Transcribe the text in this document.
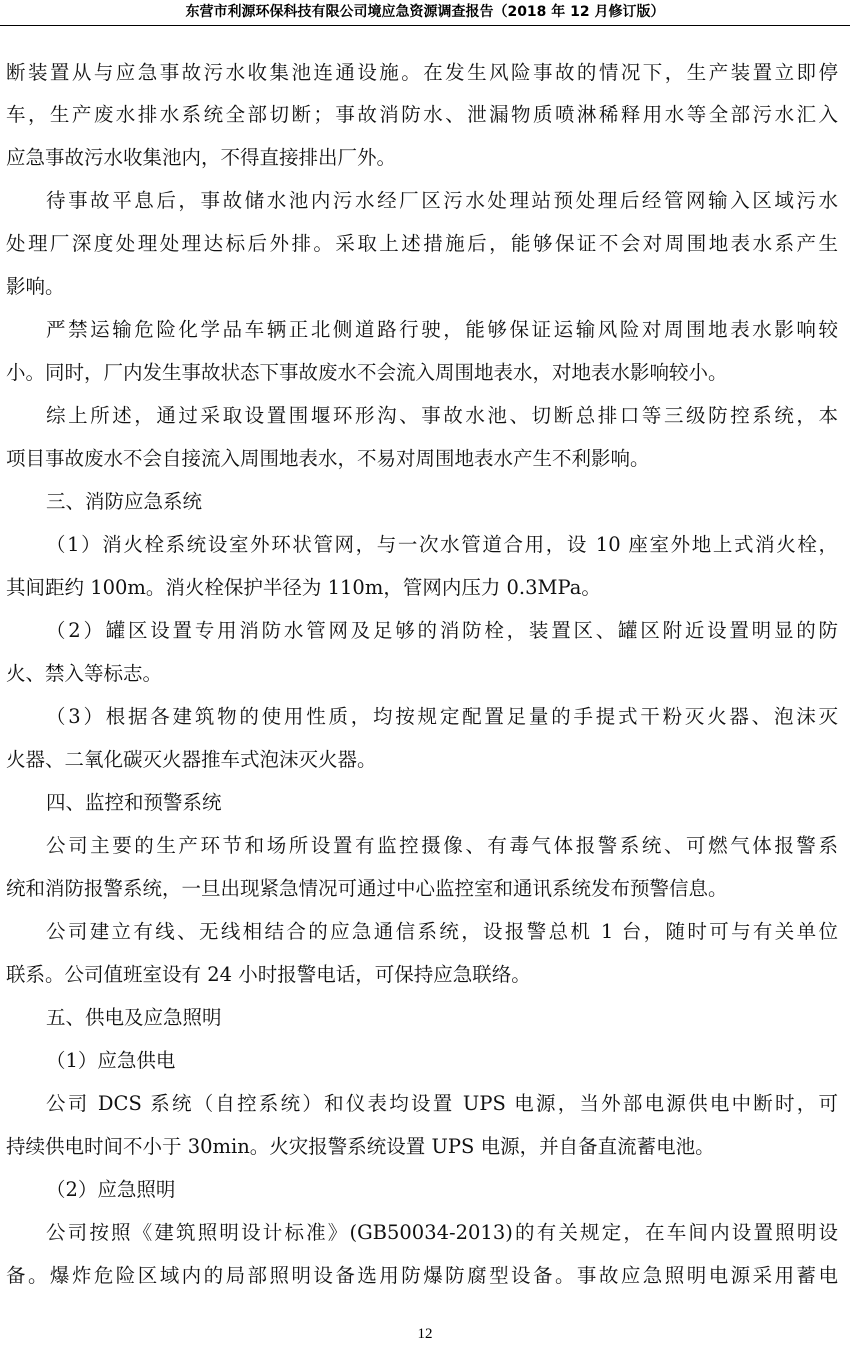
东营市利源环保科技有限公司境应急资源调查报告（2018 年 12 月修订版）
断装置从与应急事故污水收集池连通设施。在发生风险事故的情况下，生产装置立即停
车，生产废水排水系统全部切断；事故消防水、泄漏物质喷淋稀释用水等全部污水汇入
应急事故污水收集池内，不得直接排出厂外。
待事故平息后，事故储水池内污水经厂区污水处理站预处理后经管网输入区域污水
处理厂深度处理处理达标后外排。采取上述措施后，能够保证不会对周围地表水系产生
影响。
严禁运输危险化学品车辆正北侧道路行驶，能够保证运输风险对周围地表水影响较
小。同时，厂内发生事故状态下事故废水不会流入周围地表水，对地表水影响较小。
综上所述，通过采取设置围堰环形沟、事故水池、切断总排口等三级防控系统，本
项目事故废水不会自接流入周围地表水，不易对周围地表水产生不利影响。
三、消防应急系统
（1）消火栓系统设室外环状管网，与一次水管道合用，设 10 座室外地上式消火栓，
其间距约 100m。消火栓保护半径为 110m，管网内压力 0.3MPa。
（2）罐区设置专用消防水管网及足够的消防栓，装置区、罐区附近设置明显的防
火、禁入等标志。
（3）根据各建筑物的使用性质，均按规定配置足量的手提式干粉灭火器、泡沫灭
火器、二氧化碳灭火器推车式泡沫灭火器。
四、监控和预警系统
公司主要的生产环节和场所设置有监控摄像、有毒气体报警系统、可燃气体报警系
统和消防报警系统，一旦出现紧急情况可通过中心监控室和通讯系统发布预警信息。
公司建立有线、无线相结合的应急通信系统，设报警总机 1 台，随时可与有关单位
联系。公司值班室设有 24 小时报警电话，可保持应急联络。
五、供电及应急照明
（1）应急供电
公司 DCS 系统（自控系统）和仪表均设置 UPS 电源，当外部电源供电中断时，可
持续供电时间不小于 30min。火灾报警系统设置 UPS 电源，并自备直流蓄电池。
（2）应急照明
公司按照《建筑照明设计标准》(GB50034-2013)的有关规定，在车间内设置照明设
备。爆炸危险区域内的局部照明设备选用防爆防腐型设备。事故应急照明电源采用蓄电
12
